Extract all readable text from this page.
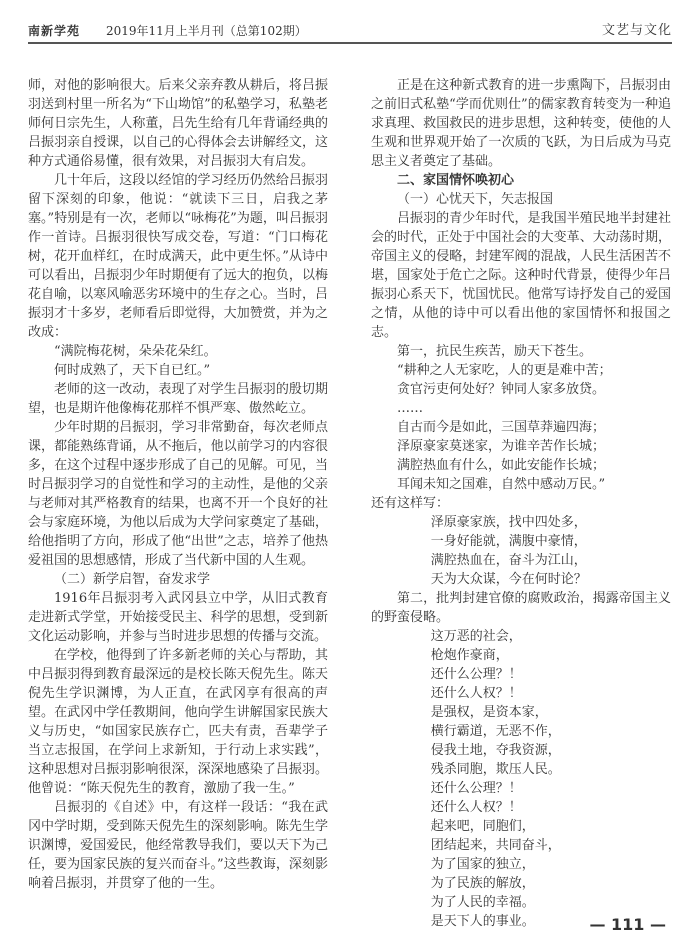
南新学苑 2019年11月上半月刊（总第102期）	文艺与文化

师，对他的影响很大。后来父亲弃教从耕后，将吕振羽送到村里一所名为“下山坳馆”的私塾学习，私塾老师何日宗先生，人称董，吕先生给有几年背诵经典的吕振羽亲自授课，以自己的心得体会去讲解经文，这种方式通俗易懂，很有效果，对吕振羽大有启发。

几十年后，这段以经馆的学习经历仍然给吕振羽留下深刻的印象，他说：“就读下三日，启我之茅塞。”特别是有一次，老师以“咏梅花”为题，叫吕振羽作一首诗。吕振羽很快写成交卷，写道：“门口梅花树，花开血样红，在时成满天，此中更生怀。”从诗中可以看出，吕振羽少年时期便有了远大的抱负，以梅花自喻，以寒风喻恶劣环境中的生存之心。当时，吕振羽才十多岁，老师看后即觉得，大加赞赏，并为之改成：

“满院梅花树，朵朵花朵红。

何时成熟了，天下自已红。”

老师的这一改动，表现了对学生吕振羽的殷切期望，也是期许他像梅花那样不惧严寒、傲然屹立。

少年时期的吕振羽，学习非常勤奋，每次老师点课，都能熟练背诵，从不拖后，他以前学习的内容很多，在这个过程中逐步形成了自己的见解。可见，当时吕振羽学习的自觉性和学习的主动性，是他的父亲与老师对其严格教育的结果，也离不开一个良好的社会与家庭环境，为他以后成为大学问家奠定了基础，给他指明了方向，形成了他“出世”之志，培养了他热爱祖国的思想感情，形成了当代新中国的人生观。

（二）新学启智，奋发求学

1916年吕振羽考入武冈县立中学，从旧式教育走进新式学堂，开始接受民主、科学的思想，受到新文化运动影响，并参与当时进步思想的传播与交流。

在学校，他得到了许多新老师的关心与帮助，其中吕振羽得到教育最深远的是校长陈天倪先生。陈天倪先生学识渊博，为人正直，在武冈享有很高的声望。在武冈中学任教期间，他向学生讲解国家民族大义与历史，“如国家民族存亡，匹夫有责，吾辈学子当立志报国，在学问上求新知，于行动上求实践”，这种思想对吕振羽影响很深，深深地感染了吕振羽。他曾说：“陈天倪先生的教育，激励了我一生。”

吕振羽的《自述》中，有这样一段话：“我在武冈中学时期，受到陈天倪先生的深刻影响。陈先生学识渊博，爱国爱民，他经常教导我们，要以天下为己任，要为国家民族的复兴而奋斗。”这些教诲，深刻影响着吕振羽，并贯穿了他的一生。

正是在这种新式教育的进一步熏陶下，吕振羽由之前旧式私塾“学而优则仕”的儒家教育转变为一种追求真理、救国救民的进步思想，这种转变，使他的人生观和世界观开始了一次质的飞跃，为日后成为马克思主义者奠定了基础。

二、家国情怀唤初心

（一）心忧天下，矢志报国

吕振羽的青少年时代，是我国半殖民地半封建社会的时代，正处于中国社会的大变革、大动荡时期，帝国主义的侵略，封建军阀的混战，人民生活困苦不堪，国家处于危亡之际。这种时代背景，使得少年吕振羽心系天下，忧国忧民。他常写诗抒发自己的爱国之情，从他的诗中可以看出他的家国情怀和报国之志。

第一，抗民生疾苦，励天下苍生。

“耕种之人无家吃，人的更是难中苦；

贪官污吏何处好？钟同人家多放贷。

……

自古而今是如此，三国草莽遍四海；

泽原豪家莫迷家，为谁辛苦作长城；

满腔热血有什么，如此安能作长城；

耳闻未知之国难，自然中感动万民。”

还有这样写：

泽原豪家族，找中四处多，

一身好能就，满腹中豪情，

满腔热血在，奋斗为江山，

天为大众谋，今在何时论？

第二，批判封建官僚的腐败政治，揭露帝国主义的野蛮侵略。

这万恶的社会，

枪炮作豪商，

还什么公理？！

还什么人权？！

是强权，是资本家，

横行霸道，无恶不作，

侵我土地，夺我资源，

残杀同胞，欺压人民。

还什么公理？！

还什么人权？！

起来吧，同胞们，

团结起来，共同奋斗，

为了国家的独立，

为了民族的解放，

为了人民的幸福。

是天下人的事业。	— 111 —
